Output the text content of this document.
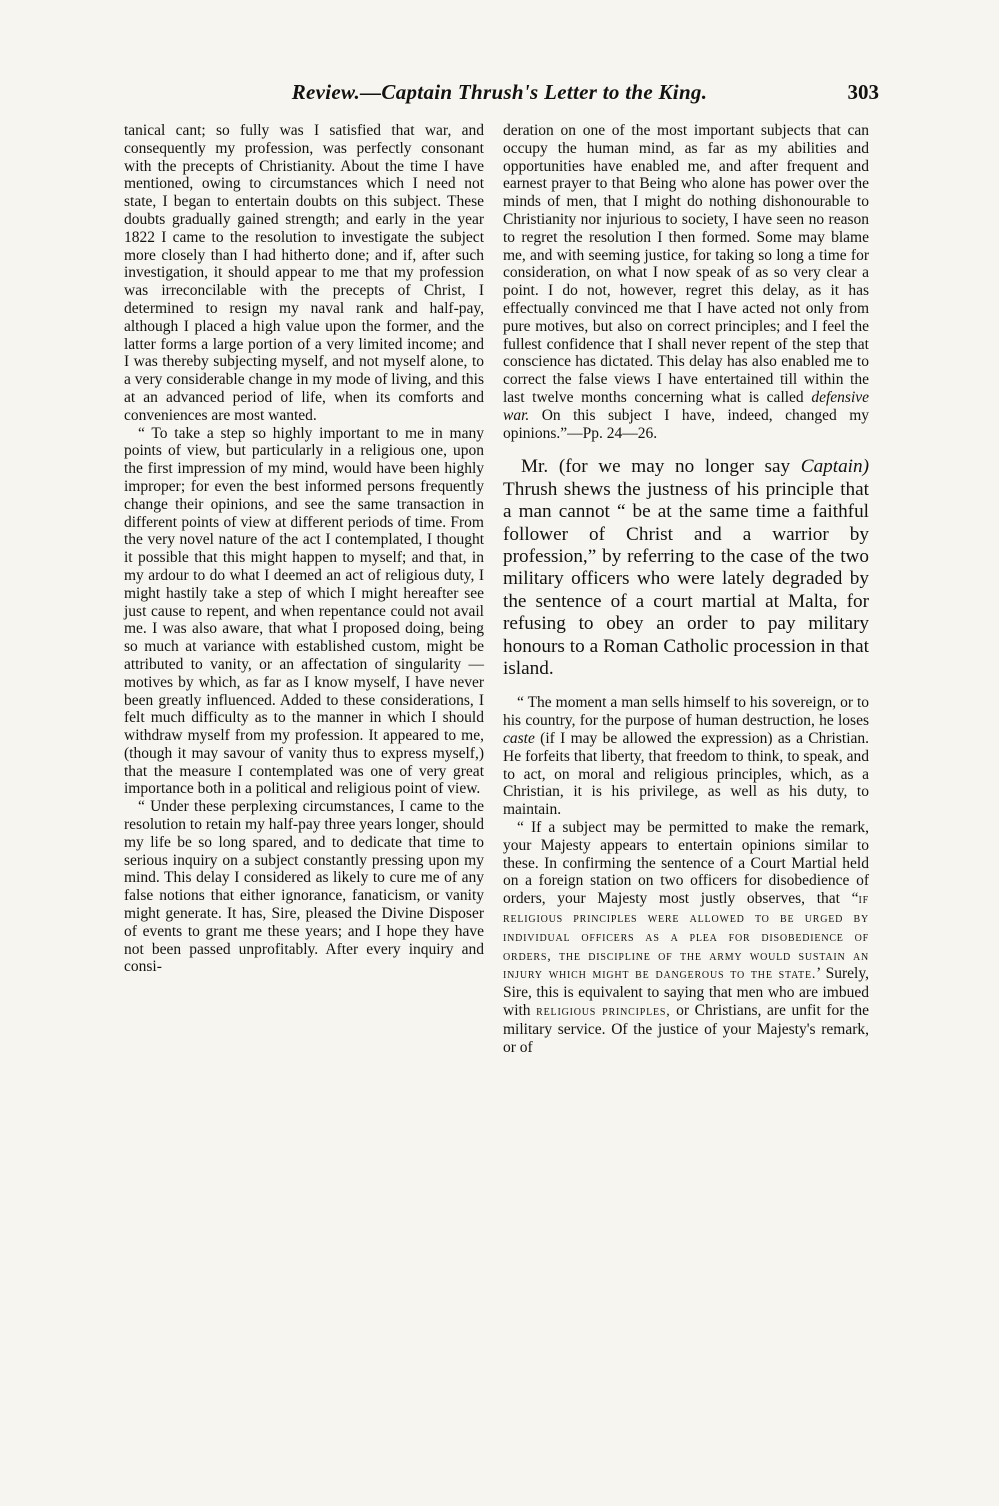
Review.—Captain Thrush's Letter to the King.	303

tanical cant; so fully was I satisfied that war, and consequently my profession, was perfectly consonant with the precepts of Christianity. About the time I have mentioned, owing to circumstances which I need not state, I began to entertain doubts on this subject. These doubts gradually gained strength; and early in the year 1822 I came to the resolution to investigate the subject more closely than I had hitherto done; and if, after such investigation, it should appear to me that my profession was irreconcilable with the precepts of Christ, I determined to resign my naval rank and half-pay, although I placed a high value upon the former, and the latter forms a large portion of a very limited income; and I was thereby subjecting myself, and not myself alone, to a very considerable change in my mode of living, and this at an advanced period of life, when its comforts and conveniences are most wanted.

“ To take a step so highly important to me in many points of view, but particularly in a religious one, upon the first impression of my mind, would have been highly improper; for even the best informed persons frequently change their opinions, and see the same transaction in different points of view at different periods of time. From the very novel nature of the act I contemplated, I thought it possible that this might happen to myself; and that, in my ardour to do what I deemed an act of religious duty, I might hastily take a step of which I might hereafter see just cause to repent, and when repentance could not avail me. I was also aware, that what I proposed doing, being so much at variance with established custom, might be attributed to vanity, or an affectation of singularity —motives by which, as far as I know myself, I have never been greatly influenced. Added to these considerations, I felt much difficulty as to the manner in which I should withdraw myself from my profession. It appeared to me, (though it may savour of vanity thus to express myself,) that the measure I contemplated was one of very great importance both in a political and religious point of view.

“ Under these perplexing circumstances, I came to the resolution to retain my half-pay three years longer, should my life be so long spared, and to dedicate that time to serious inquiry on a subject constantly pressing upon my mind. This delay I considered as likely to cure me of any false notions that either ignorance, fanaticism, or vanity might generate. It has, Sire, pleased the Divine Disposer of events to grant me these years; and I hope they have not been passed unprofitably. After every inquiry and consi-

deration on one of the most important subjects that can occupy the human mind, as far as my abilities and opportunities have enabled me, and after frequent and earnest prayer to that Being who alone has power over the minds of men, that I might do nothing dishonourable to Christianity nor injurious to society, I have seen no reason to regret the resolution I then formed. Some may blame me, and with seeming justice, for taking so long a time for consideration, on what I now speak of as so very clear a point. I do not, however, regret this delay, as it has effectually convinced me that I have acted not only from pure motives, but also on correct principles; and I feel the fullest confidence that I shall never repent of the step that conscience has dictated. This delay has also enabled me to correct the false views I have entertained till within the last twelve months concerning what is called defensive war. On this subject I have, indeed, changed my opinions.”—Pp. 24—26.

Mr. (for we may no longer say Captain) Thrush shews the justness of his principle that a man cannot “ be at the same time a faithful follower of Christ and a warrior by profession,” by referring to the case of the two military officers who were lately degraded by the sentence of a court martial at Malta, for refusing to obey an order to pay military honours to a Roman Catholic procession in that island.

“ The moment a man sells himself to his sovereign, or to his country, for the purpose of human destruction, he loses caste (if I may be allowed the expression) as a Christian. He forfeits that liberty, that freedom to think, to speak, and to act, on moral and religious principles, which, as a Christian, it is his privilege, as well as his duty, to maintain.

“ If a subject may be permitted to make the remark, your Majesty appears to entertain opinions similar to these. In confirming the sentence of a Court Martial held on a foreign station on two officers for disobedience of orders, your Majesty most justly observes, that “if religious principles were allowed to be urged by individual officers as a plea for disobedience of orders, the discipline of the army would sustain an injury which might be dangerous to the state.’ Surely, Sire, this is equivalent to saying that men who are imbued with religious principles, or Christians, are unfit for the military service. Of the justice of your Majesty's remark, or of
